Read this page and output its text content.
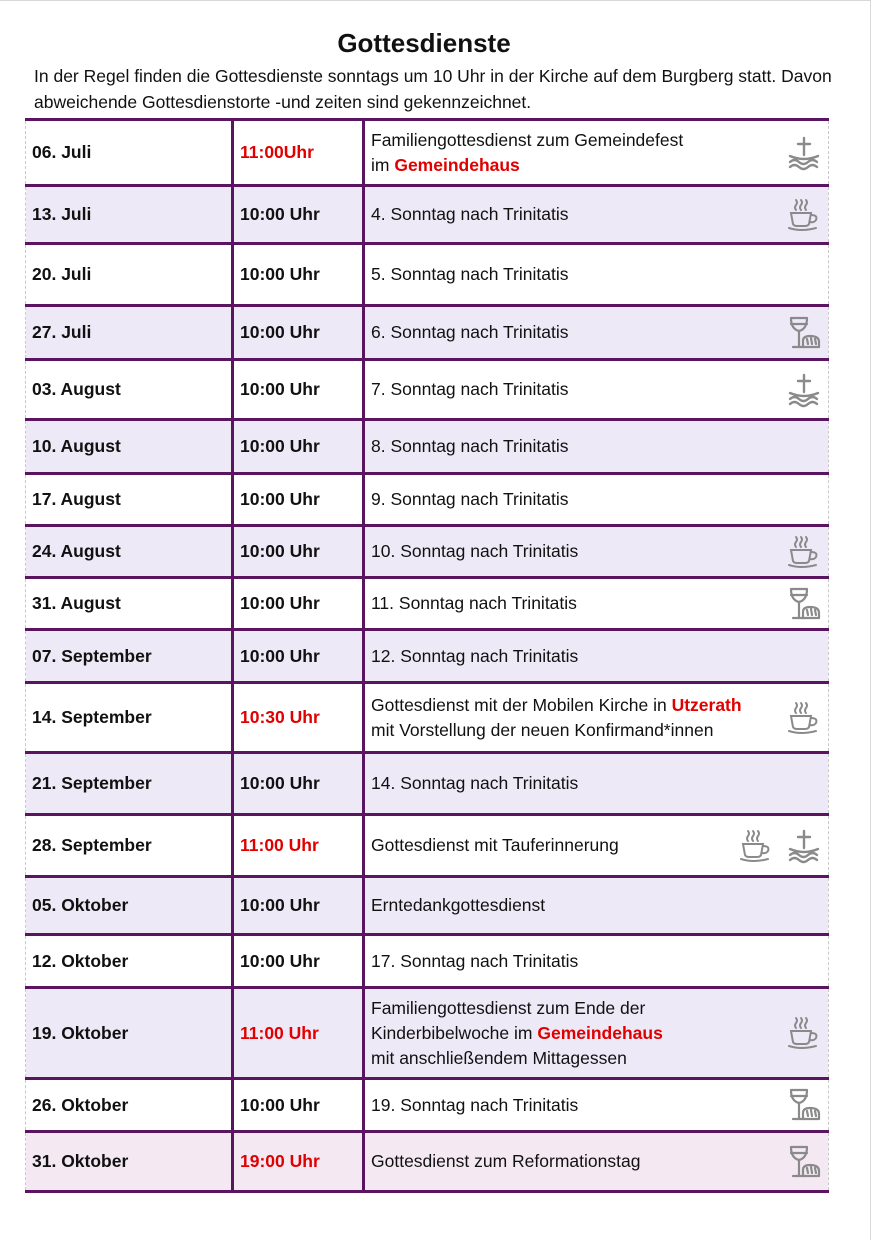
Gottesdienste
In der Regel finden die Gottesdienste sonntags um 10 Uhr in der Kirche auf dem Burgberg statt. Davon abweichende Gottesdienstorte -und zeiten sind gekennzeichnet.
06. Juli	11:00Uhr	Familiengottesdienst zum Gemeindefest
im Gemeindehaus

13. Juli	10:00 Uhr	4. Sonntag nach Trinitatis

20. Juli	10:00 Uhr	5. Sonntag nach Trinitatis
27. Juli	10:00 Uhr	6. Sonntag nach Trinitatis

03. August	10:00 Uhr	7. Sonntag nach Trinitatis

10. August	10:00 Uhr	8. Sonntag nach Trinitatis
17. August	10:00 Uhr	9. Sonntag nach Trinitatis
24. August	10:00 Uhr	10. Sonntag nach Trinitatis

31. August	10:00 Uhr	11. Sonntag nach Trinitatis

07. September	10:00 Uhr	12. Sonntag nach Trinitatis
14. September	10:30 Uhr	Gottesdienst mit der Mobilen Kirche in Utzerath
mit Vorstellung der neuen Konfirmand*innen

21. September	10:00 Uhr	14. Sonntag nach Trinitatis
28. September	11:00 Uhr	Gottesdienst mit Tauferinnerung

05. Oktober	10:00 Uhr	Erntedankgottesdienst
12. Oktober	10:00 Uhr	17. Sonntag nach Trinitatis
19. Oktober	11:00 Uhr	Familiengottesdienst zum Ende der
Kinderbibelwoche im Gemeindehaus
mit anschließendem Mittagessen

26. Oktober	10:00 Uhr	19. Sonntag nach Trinitatis

31. Oktober	19:00 Uhr	Gottesdienst zum Reformationstag
